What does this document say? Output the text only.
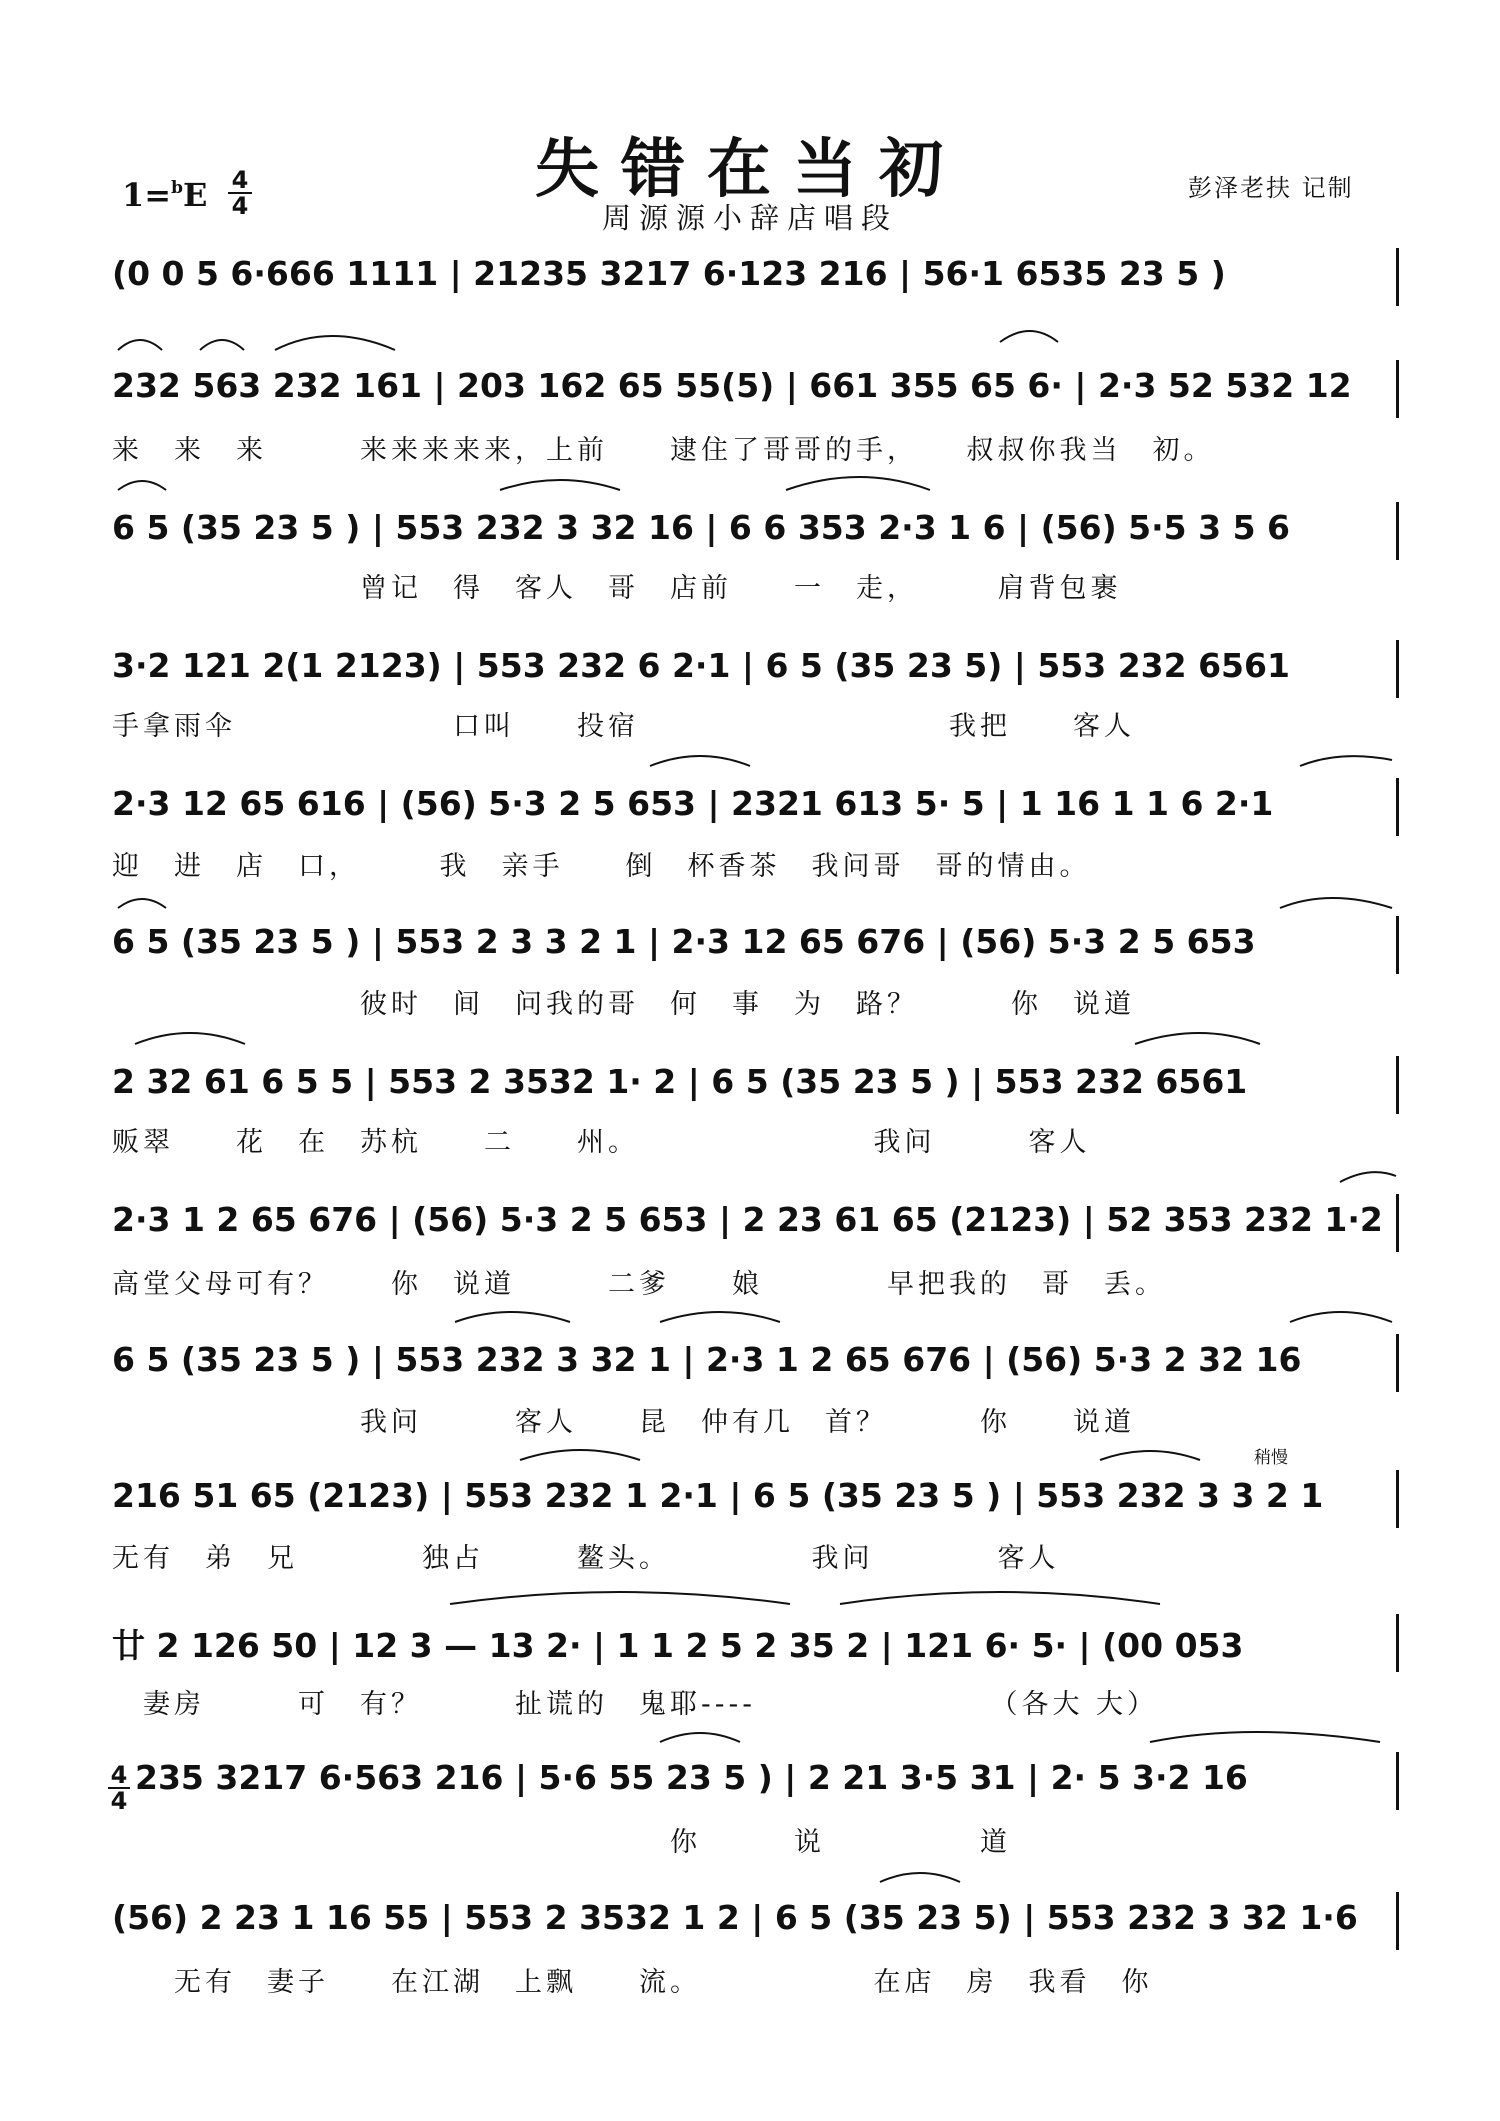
失错在当初
周源源小辞店唱段
1=$^b$E 4
4
彭泽老扶 记制
稍慢
(0 0 5 6·666 1111 | 21235 3217 6·123 216 | 56·1 6535 23 5 )
232 563 232 161 | 203 162 65 55(5) | 661 355 65 6· | 2·3 52 532 12
6 5 (35 23 5 ) | 553 232 3 32 16 | 6 6 353 2·3 1 6 | (56) 5·5 3 5 6
3·2 121 2(1 2123) | 553 232 6 2·1 | 6 5 (35 23 5) | 553 232 6561
2·3 12 65 616 | (56) 5·3 2 5 653 | 2321 613 5· 5 | 1 16 1 1 6 2·1
6 5 (35 23 5 ) | 553 2 3 3 2 1 | 2·3 12 65 676 | (56) 5·3 2 5 653
2 32 61 6 5 5 | 553 2 3532 1· 2 | 6 5 (35 23 5 ) | 553 232 6561
2·3 1 2 65 676 | (56) 5·3 2 5 653 | 2 23 61 65 (2123) | 52 353 232 1·2
6 5 (35 23 5 ) | 553 232 3 32 1 | 2·3 1 2 65 676 | (56) 5·3 2 32 16
216 51 65 (2123) | 553 232 1 2·1 | 6 5 (35 23 5 ) | 553 232 3 3 2 1
廿 2 126 50 | 12 3 — 13 2· | 1 1 2 5 2 35 2 | 121 6· 5· | (00 053
235 3217 6·563 216 | 5·6 55 23 5 ) | 2 21 3·5 31 | 2· 5 3·2 16
(56) 2 23 1 16 55 | 553 2 3532 1 2 | 6 5 (35 23 5) | 553 232 3 32 1·6
4
4
来　来　来　　　来来来来来，上前　　逮住了哥哥的手，　　叔叔你我当　初。
　　　　　　　　曾记　得　客人　哥　店前　　一　走，　　　肩背包裹
手拿雨伞　　　　　　　口叫　　投宿　　　　　　　　　　我把　　客人
迎　进　店　口，　　　我　亲手　　倒　杯香茶　我问哥　哥的情由。
　　　　　　　　彼时　间　问我的哥　何　事　为　路？　　　你　说道
贩翠　　花　在　苏杭　　二　　州。　　　　　　　　我问　　　客人
高堂父母可有？　　你　说道　　　二爹　　娘　　　　早把我的　哥　丢。
　　　　　　　　我问　　　客人　　昆　仲有几　首？　　　你　　说道
无有　弟　兄　　　　独占　　　鳌头。　　　　　我问　　　　客人
　妻房　　　可　有？　　　扯谎的　鬼耶----　　　　　　　　（各大 大）
　　　　　　　　　　　　　　　　　　你　　　说　　　　　道
　　无有　妻子　　在江湖　上飘　　流。　　　　　　在店　房　我看　你
